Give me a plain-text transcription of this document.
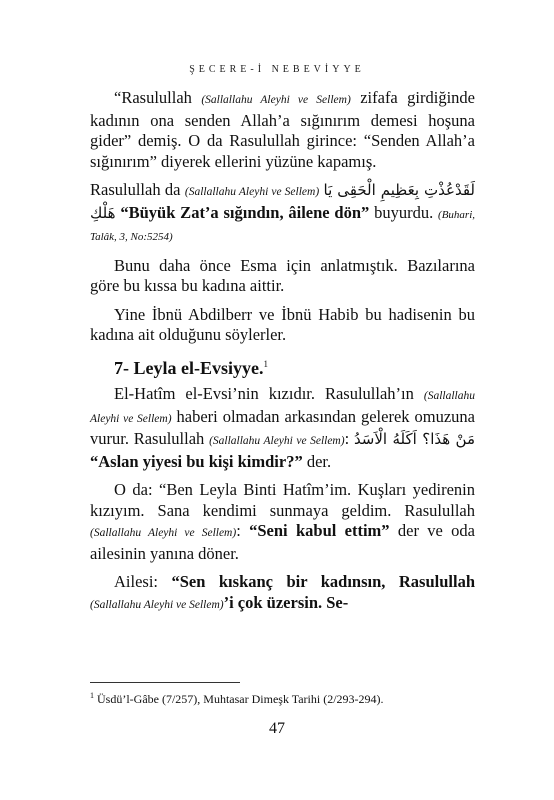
ŞECERE-İ NEBEVİYYE

“Rasulullah (Sallallahu Aleyhi ve Sellem) zifafa girdiğinde kadının ona senden Allah’a sığınırım demesi hoşuna gider” demiş. O da Rasulullah girince: “Senden Allah’a sığınırım” diyerek ellerini yüzüne kapamış.

Rasulullah da (Sallallahu Aleyhi ve Sellem) لَقَدْعُذْتِ بِعَظِيمِ الْحَقِى يَا هَلْكِ “Büyük Zat’a sığındın, âilene dön” buyurdu. (Buhari, Talâk, 3, No:5254)

Bunu daha önce Esma için anlatmıştık. Bazılarına göre bu kıssa bu kadına aittir.

Yine İbnü Abdilberr ve İbnü Habib bu hadisenin bu kadına ait olduğunu söylerler.

7- Leyla el-Evsiyye.$^1$

El-Hatîm el-Evsi’nin kızıdır. Rasulullah’ın (Sallallahu Aleyhi ve Sellem) haberi olmadan arkasından gelerek omuzuna vurur. Rasulullah (Sallallahu Aleyhi ve Sellem): مَنْ هَذَا؟ اَكَلَهُ الْاَسَدُ “Aslan yiyesi bu kişi kimdir?” der.

O da: “Ben Leyla Binti Hatîm’im. Kuşları yedirenin kızıyım. Sana kendimi sunmaya geldim. Rasulullah (Sallallahu Aleyhi ve Sellem): “Seni kabul ettim” der ve oda ailesinin yanına döner.

Ailesi: “Sen kıskanç bir kadınsın, Rasulullah (Sallallahu Aleyhi ve Sellem)’i çok üzersin. Se-

$^1$ Üsdü’l-Gâbe (7/257), Muhtasar Dimeşk Tarihi (2/293-294).
47
